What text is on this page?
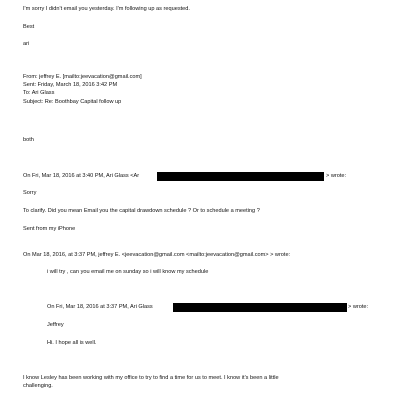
I'm sorry I didn't email you yesterday. I'm following up as requested.
Best
ari
From: jeffrey E. [mailto:jeevacation@gmail.com]
Sent: Friday, March 18, 2016 3:42 PM
To: Ari Glass
Subject: Re: Boothbay Capital follow up
both
On Fri, Mar 18, 2016 at 3:40 PM, Ari Glass <Ar	> wrote:
Sorry
To clarify. Did you mean Email you the capital drawdown schedule ? Or to schedule a meeting ?
Sent from my iPhone
On Mar 18, 2016, at 3:37 PM, jeffrey E. <jeevacation@gmail.com <mailto:jeevacation@gmail.com> > wrote:
i will try , can you email me on sunday so i will know my schedule
On Fri, Mar 18, 2016 at 3:37 PM, Ari Glass	> wrote:
Jeffrey
Hi. I hope all is well.
I know Lesley has been working with my office to try to find a time for us to meet. I know it's been a little
challenging.
